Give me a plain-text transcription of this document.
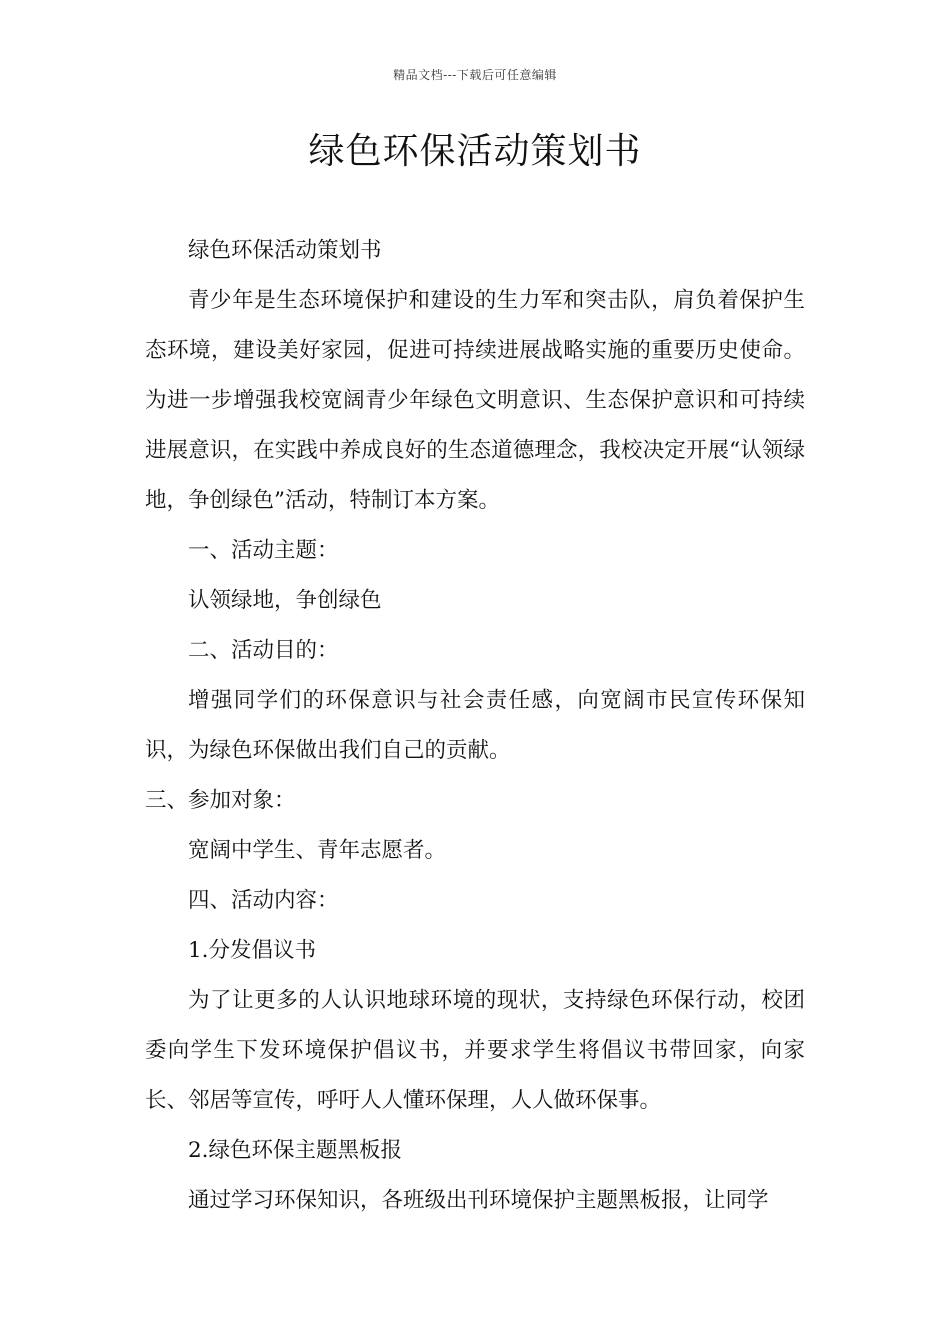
精品文档---下载后可任意编辑
绿色环保活动策划书

绿色环保活动策划书

青少年是生态环境保护和建设的生力军和突击队，肩负着保护生态环境，建设美好家园，促进可持续进展战略实施的重要历史使命。为进一步增强我校宽阔青少年绿色文明意识、生态保护意识和可持续进展意识，在实践中养成良好的生态道德理念，我校决定开展“认领绿地，争创绿色”活动，特制订本方案。

一、活动主题：

认领绿地，争创绿色

二、活动目的：

增强同学们的环保意识与社会责任感，向宽阔市民宣传环保知识，为绿色环保做出我们自己的贡献。

三、参加对象：

宽阔中学生、青年志愿者。

四、活动内容：

1.分发倡议书

为了让更多的人认识地球环境的现状，支持绿色环保行动，校团委向学生下发环境保护倡议书，并要求学生将倡议书带回家，向家长、邻居等宣传，呼吁人人懂环保理，人人做环保事。

2.绿色环保主题黑板报

通过学习环保知识，各班级出刊环境保护主题黑板报，让同学
